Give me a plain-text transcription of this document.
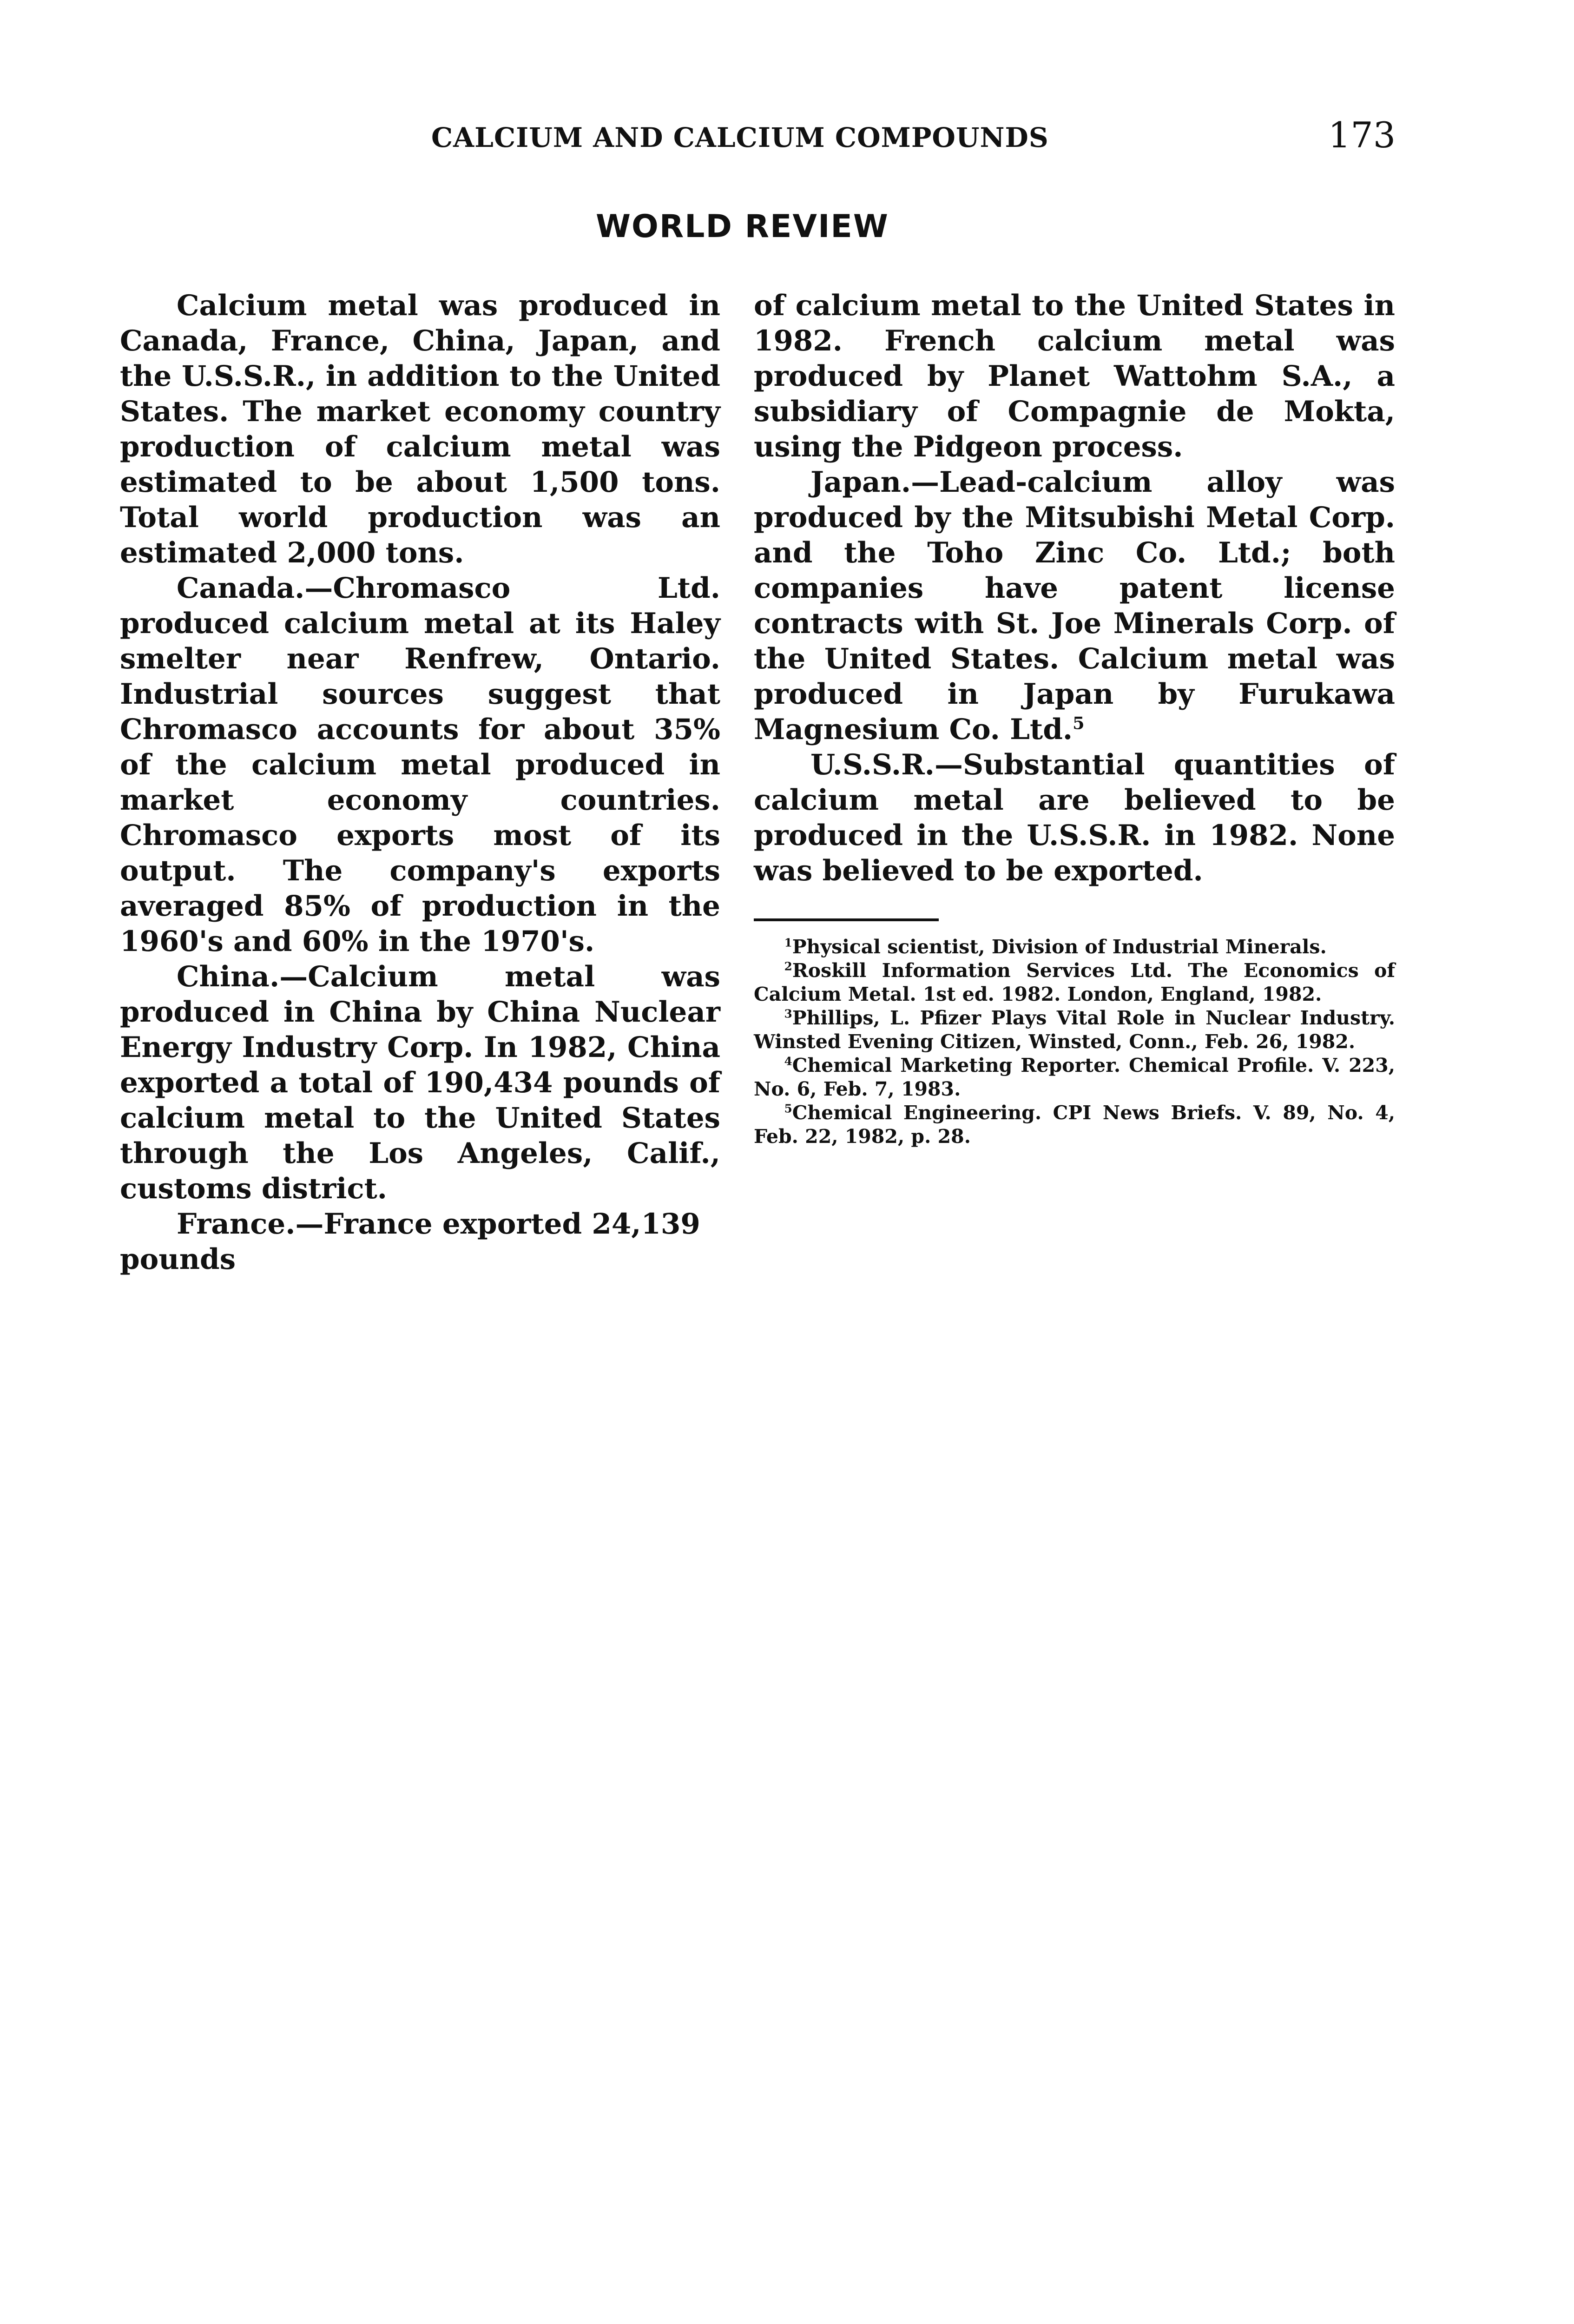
CALCIUM AND CALCIUM COMPOUNDS	173
WORLD REVIEW

Calcium metal was produced in Canada, France, China, Japan, and the U.S.S.R., in addition to the United States. The market economy country production of calcium metal was estimated to be about 1,500 tons. Total world production was an estimated 2,000 tons.

Canada.—Chromasco Ltd. produced calcium metal at its Haley smelter near Renfrew, Ontario. Industrial sources suggest that Chromasco accounts for about 35% of the calcium metal produced in market economy countries. Chromasco exports most of its output. The company's exports averaged 85% of production in the 1960's and 60% in the 1970's.

China.—Calcium metal was produced in China by China Nuclear Energy Industry Corp. In 1982, China exported a total of 190,434 pounds of calcium metal to the United States through the Los Angeles, Calif., customs district.

France.—France exported 24,139 pounds

of calcium metal to the United States in 1982. French calcium metal was produced by Planet Wattohm S.A., a subsidiary of Compagnie de Mokta, using the Pidgeon process.

Japan.—Lead-calcium alloy was produced by the Mitsubishi Metal Corp. and the Toho Zinc Co. Ltd.; both companies have patent license contracts with St. Joe Minerals Corp. of the United States. Calcium metal was produced in Japan by Furukawa Magnesium Co. Ltd.$^5$

U.S.S.R.—Substantial quantities of calcium metal are believed to be produced in the U.S.S.R. in 1982. None was believed to be exported.

$^1$Physical scientist, Division of Industrial Minerals.
$^2$Roskill Information Services Ltd. The Economics of Calcium Metal. 1st ed. 1982. London, England, 1982.
$^3$Phillips, L. Pfizer Plays Vital Role in Nuclear Industry. Winsted Evening Citizen, Winsted, Conn., Feb. 26, 1982.
$^4$Chemical Marketing Reporter. Chemical Profile. V. 223, No. 6, Feb. 7, 1983.
$^5$Chemical Engineering. CPI News Briefs. V. 89, No. 4, Feb. 22, 1982, p. 28.
